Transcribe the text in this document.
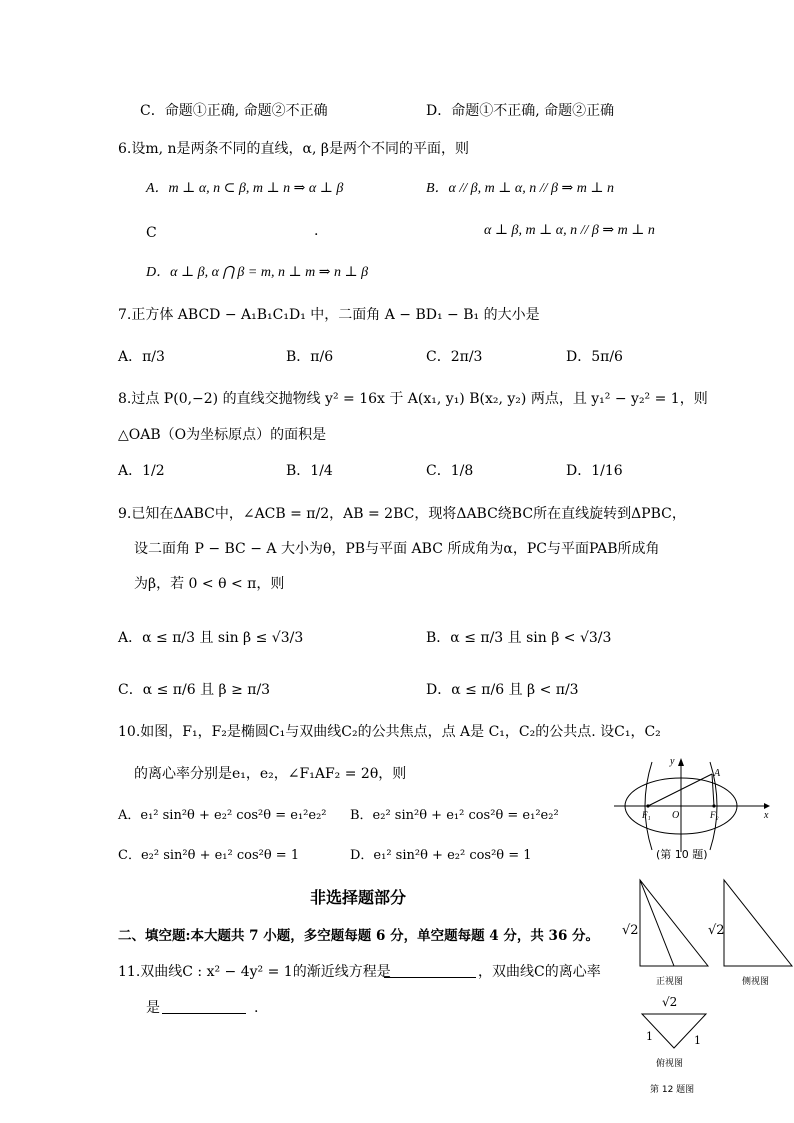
C．命题①正确, 命题②不正确	D．命题①不正确, 命题②正确
6.设m, n是两条不同的直线，α, β是两个不同的平面，则
A．m ⊥ α, n ⊂ β, m ⊥ n ⇒ α ⊥ β	B．α // β, m ⊥ α, n // β ⇒ m ⊥ n
C	.	α ⊥ β, m ⊥ α, n // β ⇒ m ⊥ n
D．α ⊥ β, α ⋂ β = m, n ⊥ m ⇒ n ⊥ β
7.正方体 ABCD − A₁B₁C₁D₁ 中，二面角 A − BD₁ − B₁ 的大小是
A．π/3	B．π/6	C．2π/3	D．5π/6
8.过点 P(0,−2) 的直线交抛物线 y² = 16x 于 A(x₁, y₁) B(x₂, y₂) 两点，且 y₁² − y₂² = 1，则
△OAB（O为坐标原点）的面积是
A．1/2	B．1/4	C．1/8	D．1/16
9.已知在ΔABC中，∠ACB = π/2，AB = 2BC，现将ΔABC绕BC所在直线旋转到ΔPBC，
设二面角 P − BC − A 大小为θ，PB与平面 ABC 所成角为α，PC与平面PAB所成角
为β，若 0 < θ < π，则
A．α ≤ π/3 且 sin β ≤ √3/3	B．α ≤ π/3 且 sin β < √3/3
C．α ≤ π/6 且 β ≥ π/3	D．α ≤ π/6 且 β < π/3
10.如图，F₁，F₂是椭圆C₁与双曲线C₂的公共焦点，点 A是 C₁，C₂的公共点. 设C₁，C₂
的离心率分别是e₁，e₂，∠F₁AF₂ = 2θ，则
A．e₁² sin²θ + e₂² cos²θ = e₁²e₂² B．e₂² sin²θ + e₁² cos²θ = e₁²e₂²
C．e₂² sin²θ + e₁² cos²θ = 1	D．e₁² sin²θ + e₂² cos²θ = 1
y
x
A
O
F₁	F₂
(第 10 题)
非选择题部分
二、填空题:本大题共 7 小题，多空题每题 6 分，单空题每题 4 分，共 36 分。
11.双曲线C : x² − 4y² = 1的渐近线方程是	，双曲线C的离心率
是	.
√2
正视图
√2
侧视图
√2
1	1
俯视图
第 12 题图
